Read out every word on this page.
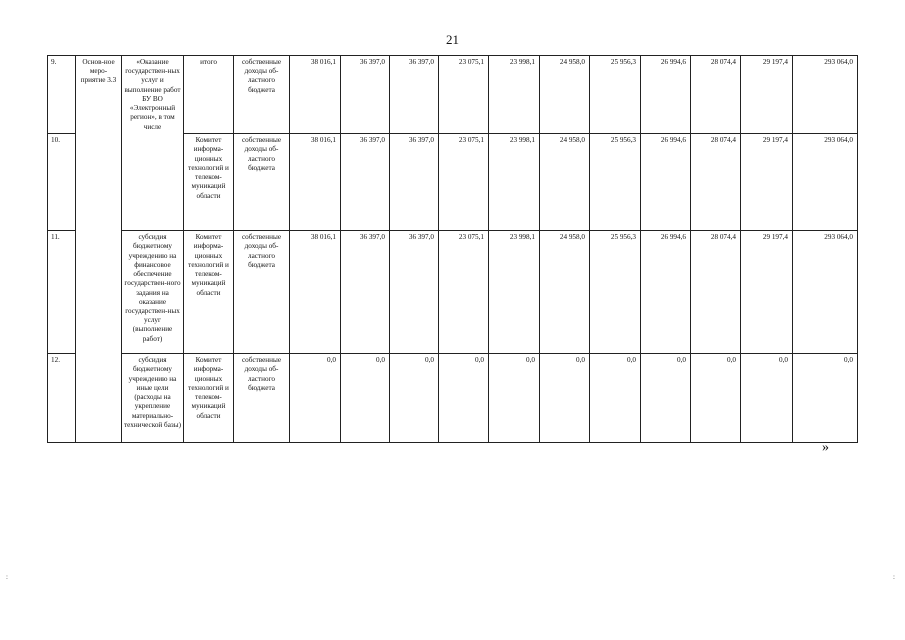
21
9.	Основ-ное меро-приятие 3.3	«Оказание государствен-ных услуг и выполнение работ БУ ВО «Электронный регион», в том числе	итого	собственные доходы об-ластного бюджета	38 016,1	36 397,0	36 397,0	23 075,1	23 998,1	24 958,0	25 956,3	26 994,6	28 074,4	29 197,4	293 064,0
10.			Комитет информа-ционных технологий и телеком-муникаций области	собственные доходы об-ластного бюджета	38 016,1	36 397,0	36 397,0	23 075,1	23 998,1	24 958,0	25 956,3	26 994,6	28 074,4	29 197,4	293 064,0
11.		субсидия бюджетному учреждению на финансовое обеспечение государствен-ного задания на оказание государствен-ных услуг (выполнение работ)	Комитет информа-ционных технологий и телеком-муникаций области	собственные доходы об-ластного бюджета	38 016,1	36 397,0	36 397,0	23 075,1	23 998,1	24 958,0	25 956,3	26 994,6	28 074,4	29 197,4	293 064,0
12.		субсидия бюджетному учреждению на иные цели (расходы на укрепление материально-технической базы)	Комитет информа-ционных технологий и телеком-муникаций области	собственные доходы об-ластного бюджета	0,0	0,0	0,0	0,0	0,0	0,0	0,0	0,0	0,0	0,0	0,0
»
:	:
